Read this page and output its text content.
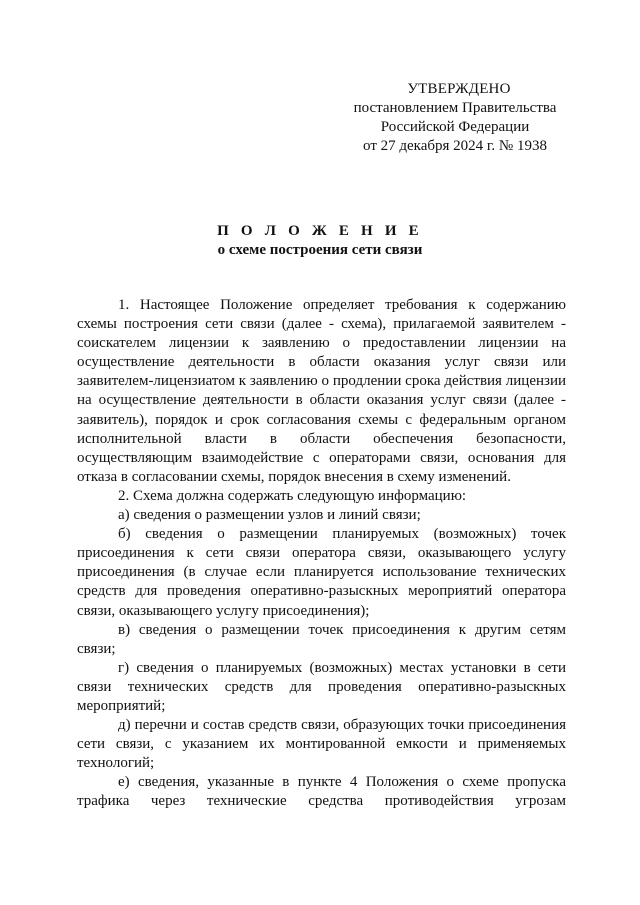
УТВЕРЖДЕНО
постановлением Правительства
Российской Федерации
от 27 декабря 2024 г. № 1938
П О Л О Ж Е Н И Е
о схеме построения сети связи

1. Настоящее Положение определяет требования к содержанию схемы построения сети связи (далее - схема), прилагаемой заявителем - соискателем лицензии к заявлению о предоставлении лицензии на осуществление деятельности в области оказания услуг связи или заявителем-лицензиатом к заявлению о продлении срока действия лицензии на осуществление деятельности в области оказания услуг связи (далее - заявитель), порядок и срок согласования схемы с федеральным органом исполнительной власти в области обеспечения безопасности, осуществляющим взаимодействие с операторами связи, основания для отказа в согласовании схемы, порядок внесения в схему изменений.

2. Схема должна содержать следующую информацию:

а) сведения о размещении узлов и линий связи;

б) сведения о размещении планируемых (возможных) точек присоединения к сети связи оператора связи, оказывающего услугу присоединения (в случае если планируется использование технических средств для проведения оперативно-разыскных мероприятий оператора связи, оказывающего услугу присоединения);

в) сведения о размещении точек присоединения к другим сетям связи;

г) сведения о планируемых (возможных) местах установки в сети связи технических средств для проведения оперативно-разыскных мероприятий;

д) перечни и состав средств связи, образующих точки присоединения сети связи, с указанием их монтированной емкости и применяемых технологий;

е) сведения, указанные в пункте 4 Положения о схеме пропуска трафика через технические средства противодействия угрозам
